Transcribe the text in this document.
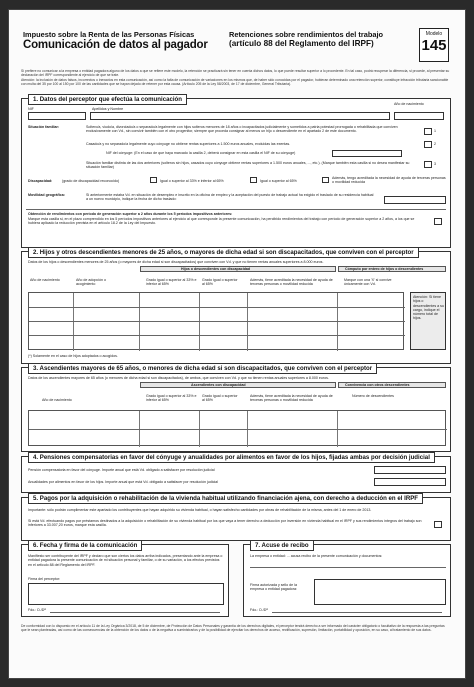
Impuesto sobre la Renta de las Personas Físicas
Comunicación de datos al pagador
Retenciones sobre rendimientos del trabajo
(artículo 88 del Reglamento del IRPF)
Modelo
145
Si prefiere no comunicar a la empresa o entidad pagadora alguno de los datos a que se refiere este modelo, la retención se practicará sin tener en cuenta dichos datos, lo que puede resultar superior a lo procedente. En tal caso, podrá recuperar la diferencia, si procede, al presentar su declaración del IRPF correspondiente al ejercicio de que se trate.
Atención: la inclusión de datos falsos, incorrectos o inexactos en esta comunicación, así como la falta de comunicación de variaciones en los mismos que, de haber sido conocidas por el pagador, hubieran determinado una retención superior, constituye infracción tributaria sancionable con multa del 35 por 100 al 150 por 100 de las cantidades que se hayan dejado de retener por esta causa. (Artículo 205 de la Ley 58/2003, de 17 de diciembre, General Tributaria).
1. Datos del perceptor que efectúa la comunicación
NIF	Apellidos y Nombre
Año de nacimiento
Situación familiar:	Soltero/a, viudo/a, divorciado/a o separado/a legalmente con hijos solteros menores de 18 años o incapacitados judicialmente y sometidos a patria potestad prorrogada o rehabilitada que conviven exclusivamente con Vd., sin convivir también con el otro progenitor, siempre que proceda consignar al menos un hijo o descendiente en el apartado 2 de este documento.	1
Casado/a y no separado/a legalmente cuyo cónyuge no obtiene rentas superiores a 1.500 euros anuales, excluidas las exentas.	2
NIF del cónyuge: (En el caso de que haya marcado la casilla 2, deberá consignar en esta casilla el NIF de su cónyuge)
Situación familiar distinta de las dos anteriores (solteros sin hijos, casados cuyo cónyuge obtiene rentas superiores a 1.500 euros anuales, ..., etc.). (Marque también esta casilla si no desea manifestar su situación familiar)
3
Discapacidad:	(grado de discapacidad reconocido)	Igual o superior al 33% e inferior al 65%	Igual o superior al 65%
Además, tengo acreditada la necesidad de ayuda de terceras personas o movilidad reducida
Movilidad geográfica:	Si anteriormente estaba Vd. en situación de desempleo e inscrito en la oficina de empleo y la aceptación del puesto de trabajo actual ha exigido el traslado de su residencia habitual a un nuevo municipio, indique la fecha de dicho traslado:
Obtención de rendimientos con período de generación superior a 2 años durante los 5 períodos impositivos anteriores:
Marque esta casilla si, en el plazo comprendido en los 5 períodos impositivos anteriores al ejercicio al que corresponde la presente comunicación, ha percibido rendimientos del trabajo con período de generación superior a 2 años, a los que se hubiera aplicado la reducción prevista en el artículo 18.2 de la Ley del Impuesto.
2. Hijos y otros descendientes menores de 25 años, o mayores de dicha edad si son discapacitados, que conviven con el perceptor
Datos de los hijos o descendientes menores de 25 años (o mayores de dicha edad si son discapacitados) que conviven con Vd. y que no tienen rentas anuales superiores a 8.000 euros.
Hijos o descendientes con discapacidad	Cómputo por entero de hijos o descendientes
Año de nacimiento	Año de adopción o acogimiento
Grado igual o superior al 33% e inferior al 65%
Grado igual o superior al 65%
Además, tiene acreditada la necesidad de ayuda de terceras personas o movilidad reducida
Marque con una 'X' si convive únicamente con Vd.
Atención: Si tiene hijos o descendientes a su cargo, indique el número total de hijos.
(*) Solamente en el caso de hijos adoptados o acogidos.
3. Ascendientes mayores de 65 años, o menores de dicha edad si son discapacitados, que conviven con el perceptor
Datos de los ascendientes mayores de 65 años (o menores de dicha edad si son discapacitados), de ambos, que conviven con Vd. y que no tienen rentas anuales superiores a 8.000 euros.
Ascendientes con discapacidad	Convivencia con otros descendientes
Año de nacimiento
Grado igual o superior al 33% e inferior al 65%
Grado igual o superior al 65%
Además, tiene acreditada la necesidad de ayuda de terceras personas o movilidad reducida
Número de descendientes
4. Pensiones compensatorias en favor del cónyuge y anualidades por alimentos en favor de los hijos, fijadas ambas por decisión judicial
Pensión compensatoria en favor del cónyuge. Importe anual que está Vd. obligado a satisfacer por resolución judicial
Anualidades por alimentos en favor de los hijos. Importe anual que está Vd. obligado a satisfacer por resolución judicial
5. Pagos por la adquisición o rehabilitación de la vivienda habitual utilizando financiación ajena, con derecho a deducción en el IRPF
Importante: sólo podrán cumplimentar este apartado los contribuyentes que hayan adquirido su vivienda habitual, o hayan satisfecho cantidades por obras de rehabilitación de la misma, antes del 1 de enero de 2013.
Si está Vd. efectuando pagos por préstamos destinados a la adquisición o rehabilitación de su vivienda habitual por los que vaya a tener derecho a deducción por inversión en vivienda habitual en el IRPF y sus rendimientos íntegros del trabajo son inferiores a 33.007,20 euros, marque esta casilla.
6. Fecha y firma de la comunicación
Manifiesto ser contribuyente del IRPF y declaro que son ciertos los datos arriba indicados, presentando ante la empresa o entidad pagadora la presente comunicación de mi situación personal y familiar, o de su variación, a los efectos previstos en el artículo 88 del Reglamento del IRPF.
Firma del perceptor:
Fdo.: D./Dª
7. Acuse de recibo
La empresa o entidad: ... acusa recibo de la presente comunicación y documentos:
Firma autorizada y sello de la empresa o entidad pagadora:
Fdo.: D./Dª
De conformidad con lo dispuesto en el artículo 11 de la Ley Orgánica 3/2018, de 5 de diciembre, de Protección de Datos Personales y garantía de los derechos digitales, el perceptor tendrá derecho a ser informado del carácter obligatorio o facultativo de la respuesta a las preguntas que le sean planteadas, así como de las consecuencias de la obtención de los datos o de la negativa a suministrarlos y de la posibilidad de ejercitar los derechos de acceso, rectificación, supresión, limitación, portabilidad y oposición, en su caso, al tratamiento de sus datos.
